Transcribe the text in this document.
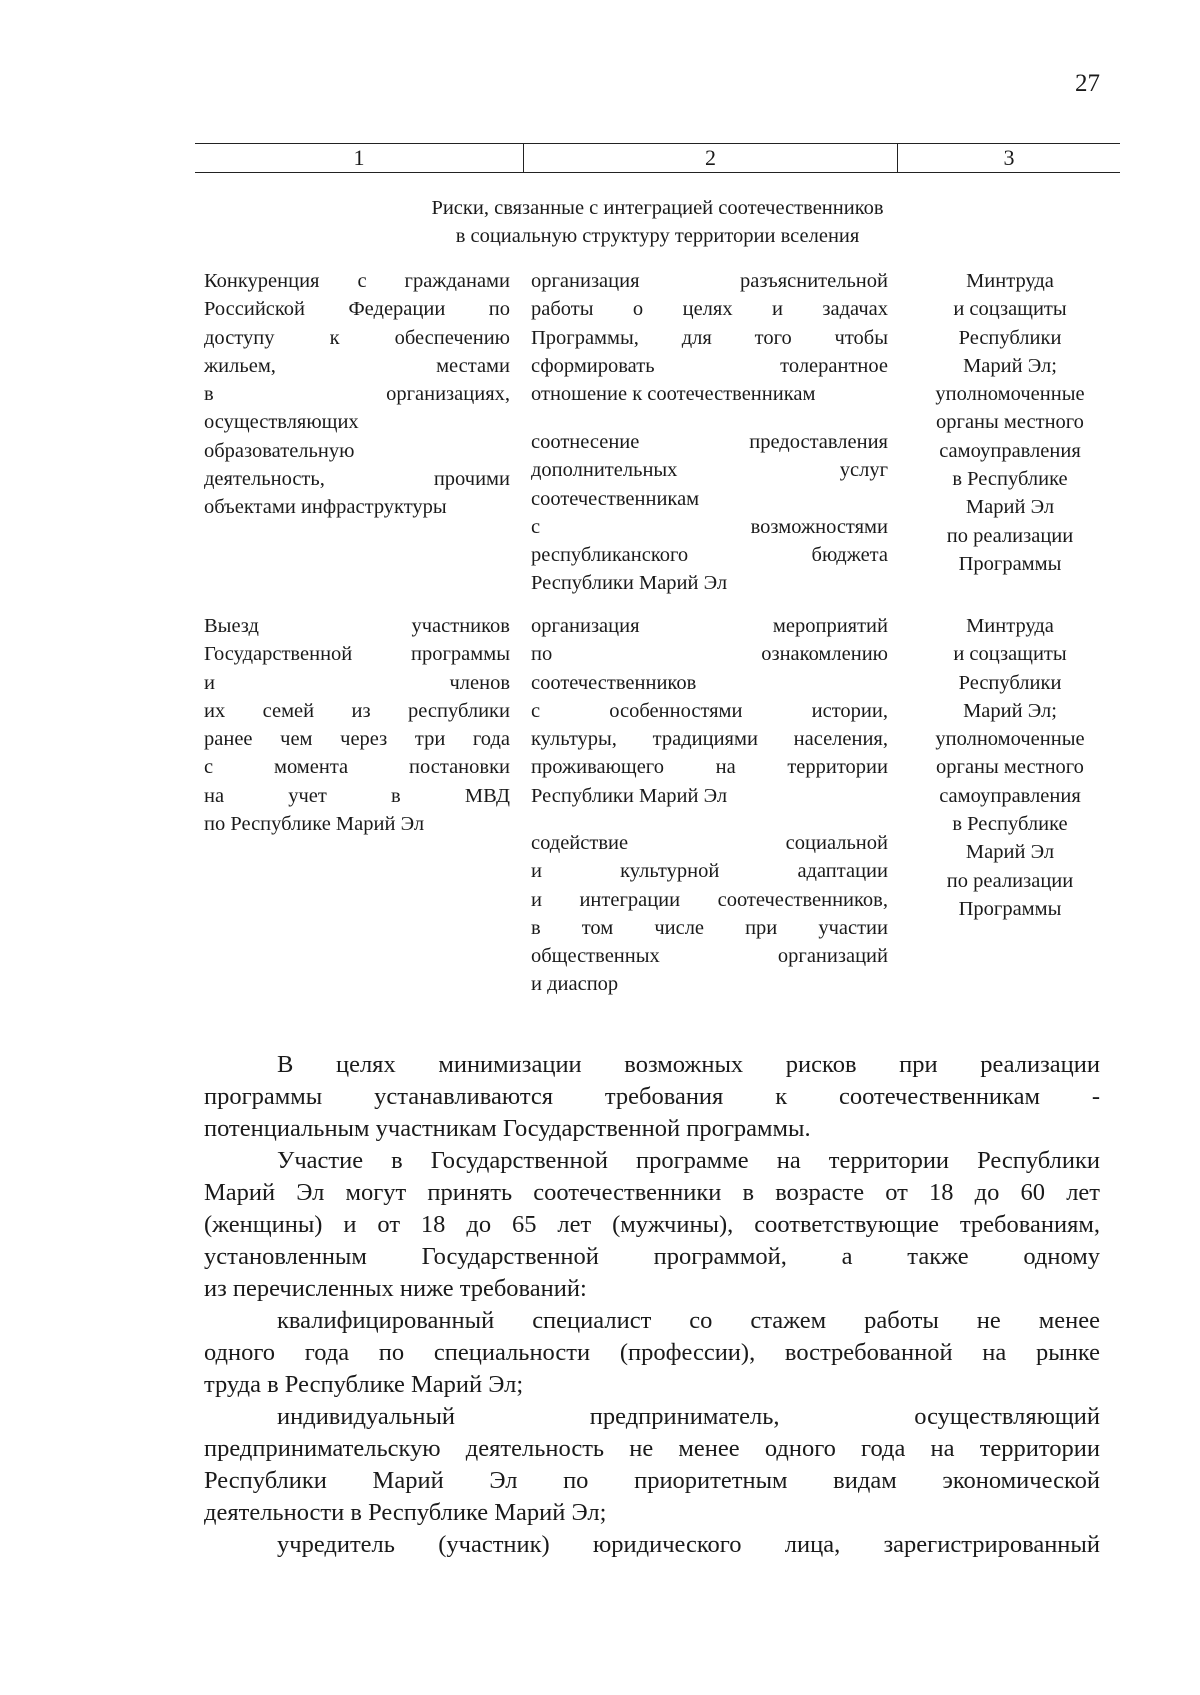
27
1	2	3
Риски, связанные с интеграцией соотечественников
в социальную структуру территории вселения
Конкуренция с гражданами
Российской Федерации по
доступу к обеспечению
жильем, местами
в организациях,
осуществляющих
образовательную
деятельность, прочими
объектами инфраструктуры
организация разъяснительной
работы о целях и задачах
Программы, для того чтобы
сформировать толерантное
отношение к соотечественникам
соотнесение предоставления
дополнительных услуг
соотечественникам
с возможностями
республиканского бюджета
Республики Марий Эл
Минтруда
и соцзащиты
Республики
Марий Эл;
уполномоченные
органы местного
самоуправления
в Республике
Марий Эл
по реализации
Программы
Выезд участников
Государственной программы
и членов
их семей из республики
ранее чем через три года
с момента постановки
на учет в МВД
по Республике Марий Эл
организация мероприятий
по ознакомлению
соотечественников
с особенностями истории,
культуры, традициями населения,
проживающего на территории
Республики Марий Эл
содействие социальной
и культурной адаптации
и интеграции соотечественников,
в том числе при участии
общественных организаций
и диаспор
Минтруда
и соцзащиты
Республики
Марий Эл;
уполномоченные
органы местного
самоуправления
в Республике
Марий Эл
по реализации
Программы
В целях минимизации возможных рисков при реализации
программы устанавливаются требования к соотечественникам -
потенциальным участникам Государственной программы.
Участие в Государственной программе на территории Республики
Марий Эл могут принять соотечественники в возрасте от 18 до 60 лет
(женщины) и от 18 до 65 лет (мужчины), соответствующие требованиям,
установленным Государственной программой, а также одному
из перечисленных ниже требований:
квалифицированный специалист со стажем работы не менее
одного года по специальности (профессии), востребованной на рынке
труда в Республике Марий Эл;
индивидуальный предприниматель, осуществляющий
предпринимательскую деятельность не менее одного года на территории
Республики Марий Эл по приоритетным видам экономической
деятельности в Республике Марий Эл;
учредитель (участник) юридического лица, зарегистрированный
